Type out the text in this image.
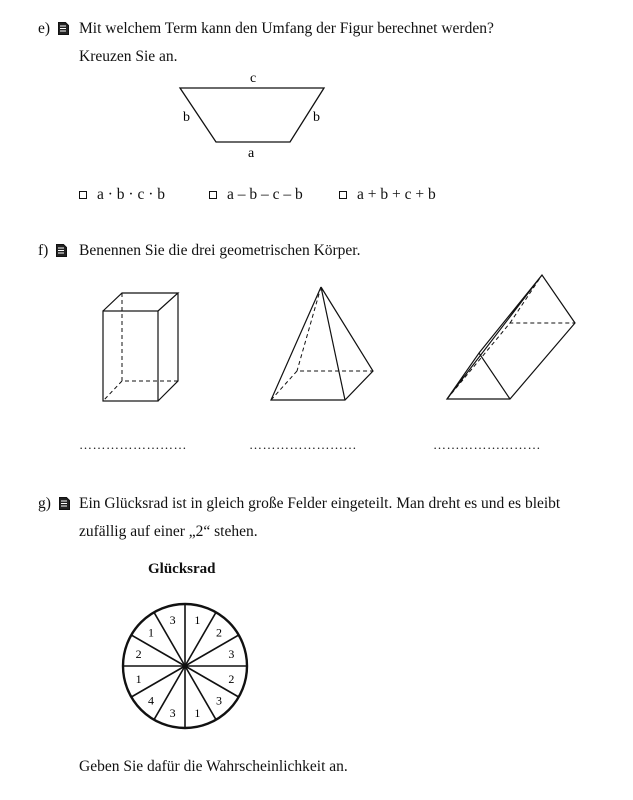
e)	Mit welchem Term kann den Umfang der Figur berechnet werden?
Kreuzen Sie an.
c
b	b
a
a · b · c · b	a – b – c – b	a + b + c + b
f)	Benennen Sie die drei geometrischen Körper.
……………………	……………………	……………………
g)	Ein Glücksrad ist in gleich große Felder eingeteilt. Man dreht es und es bleibt
zufällig auf einer „2“ stehen.
Glücksrad
1
2
3
2
3
1
3
4
1
2
1
3
Geben Sie dafür die Wahrscheinlichkeit an.
